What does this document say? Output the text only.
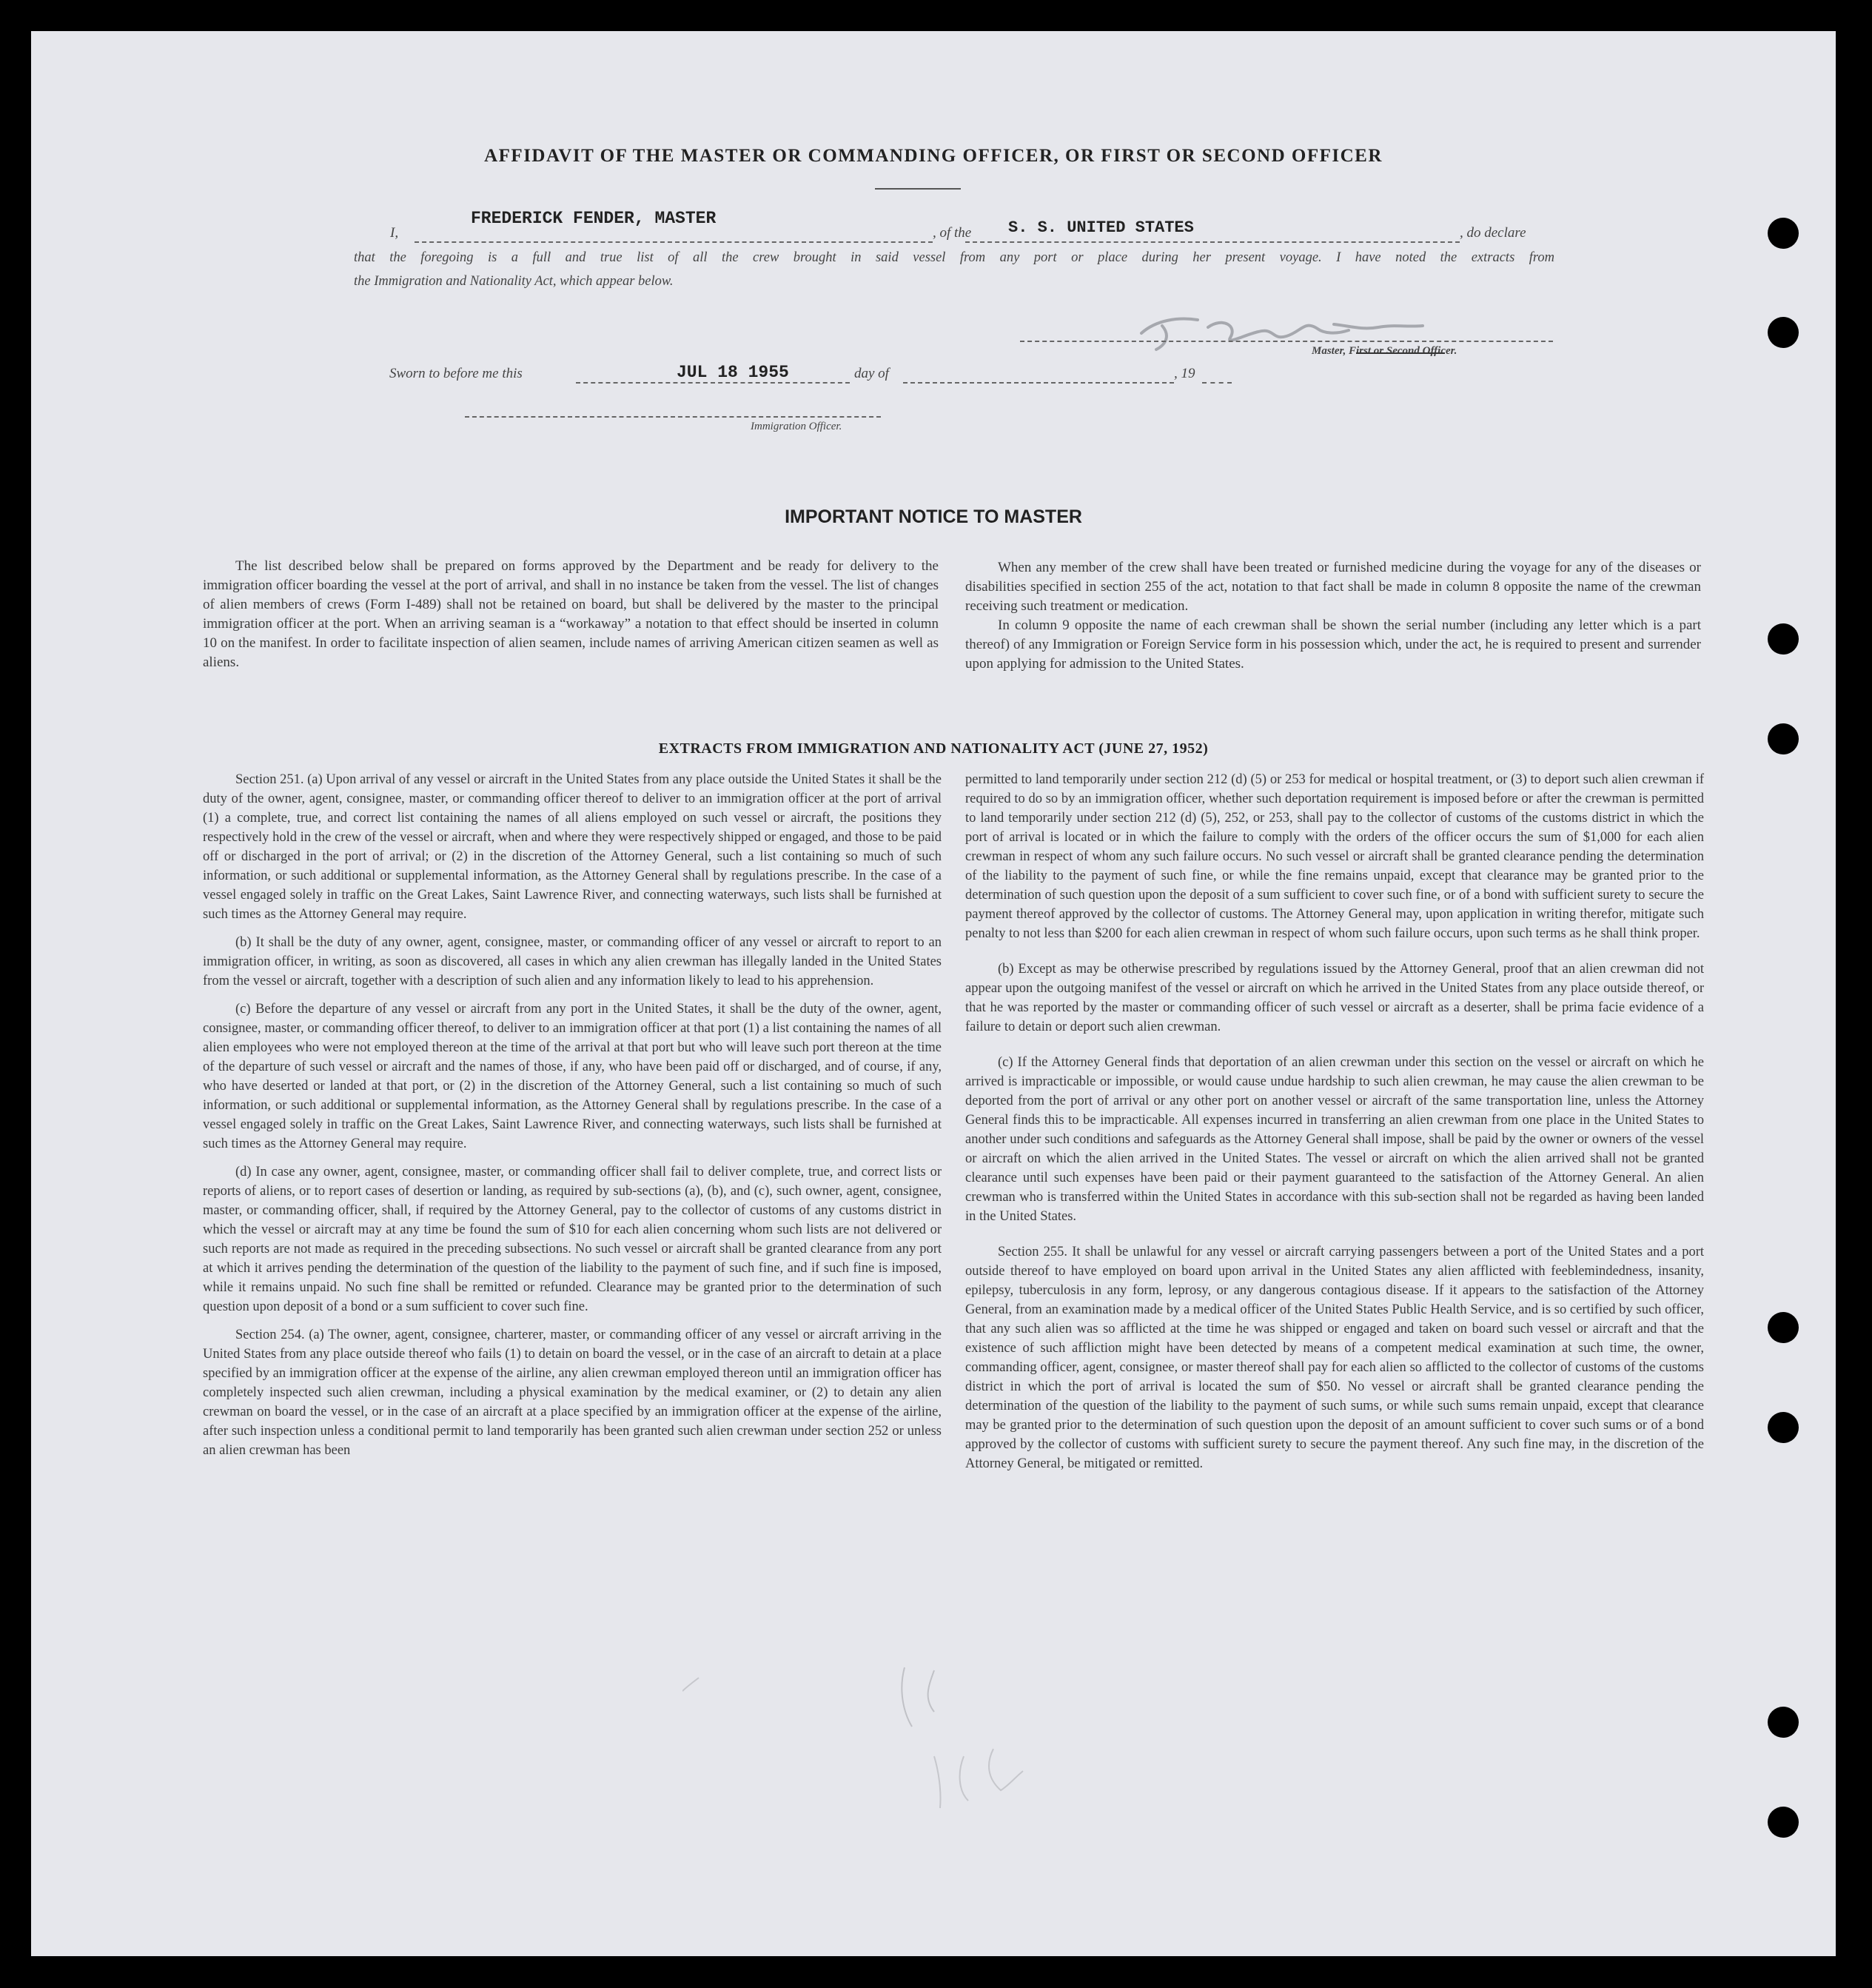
AFFIDAVIT OF THE MASTER OR COMMANDING OFFICER, OR FIRST OR SECOND OFFICER
I,
FREDERICK FENDER, MASTER
, of the S. S. UNITED STATES	, do declare
that the foregoing is a full and true list of all the crew brought in said vessel from any port or place during her present voyage. I have noted the extracts from
the Immigration and Nationality Act, which appear below.
Master, First or Second Officer.
Sworn to before me this	JUL 18 1955	day of	, 19
Immigration Officer.
IMPORTANT NOTICE TO MASTER

The list described below shall be prepared on forms approved by the Department and be ready for delivery to the immigration officer boarding the vessel at the port of arrival, and shall in no instance be taken from the vessel. The list of changes of alien members of crews (Form I-489) shall not be retained on board, but shall be delivered by the master to the principal immigration officer at the port. When an arriving seaman is a “workaway” a notation to that effect should be inserted in column 10 on the manifest. In order to facilitate inspection of alien seamen, include names of arriving American citizen seamen as well as aliens.

When any member of the crew shall have been treated or furnished medicine during the voyage for any of the diseases or disabilities specified in section 255 of the act, notation to that fact shall be made in column 8 opposite the name of the crewman receiving such treatment or medication.

In column 9 opposite the name of each crewman shall be shown the serial number (including any letter which is a part thereof) of any Immigration or Foreign Service form in his possession which, under the act, he is required to present and surrender upon applying for admission to the United States.

EXTRACTS FROM IMMIGRATION AND NATIONALITY ACT (JUNE 27, 1952)

Section 251. (a) Upon arrival of any vessel or aircraft in the United States from any place outside the United States it shall be the duty of the owner, agent, consignee, master, or commanding officer thereof to deliver to an immigration officer at the port of arrival (1) a complete, true, and correct list containing the names of all aliens employed on such vessel or aircraft, the positions they respectively hold in the crew of the vessel or aircraft, when and where they were respectively shipped or engaged, and those to be paid off or discharged in the port of arrival; or (2) in the discretion of the Attorney General, such a list containing so much of such information, or such additional or supplemental information, as the Attorney General shall by regulations prescribe. In the case of a vessel engaged solely in traffic on the Great Lakes, Saint Lawrence River, and connecting waterways, such lists shall be furnished at such times as the Attorney General may require.

(b) It shall be the duty of any owner, agent, consignee, master, or commanding officer of any vessel or aircraft to report to an immigration officer, in writing, as soon as discovered, all cases in which any alien crewman has illegally landed in the United States from the vessel or aircraft, together with a description of such alien and any information likely to lead to his apprehension.

(c) Before the departure of any vessel or aircraft from any port in the United States, it shall be the duty of the owner, agent, consignee, master, or commanding officer thereof, to deliver to an immigration officer at that port (1) a list containing the names of all alien employees who were not employed thereon at the time of the arrival at that port but who will leave such port thereon at the time of the departure of such vessel or aircraft and the names of those, if any, who have been paid off or discharged, and of course, if any, who have deserted or landed at that port, or (2) in the discretion of the Attorney General, such a list containing so much of such information, or such additional or supplemental information, as the Attorney General shall by regulations prescribe. In the case of a vessel engaged solely in traffic on the Great Lakes, Saint Lawrence River, and connecting waterways, such lists shall be furnished at such times as the Attorney General may require.

(d) In case any owner, agent, consignee, master, or commanding officer shall fail to deliver complete, true, and correct lists or reports of aliens, or to report cases of desertion or landing, as required by sub-sections (a), (b), and (c), such owner, agent, consignee, master, or commanding officer, shall, if required by the Attorney General, pay to the collector of customs of any customs district in which the vessel or aircraft may at any time be found the sum of $10 for each alien concerning whom such lists are not delivered or such reports are not made as required in the preceding subsections. No such vessel or aircraft shall be granted clearance from any port at which it arrives pending the determination of the question of the liability to the payment of such fine, and if such fine is imposed, while it remains unpaid. No such fine shall be remitted or refunded. Clearance may be granted prior to the determination of such question upon deposit of a bond or a sum sufficient to cover such fine.

Section 254. (a) The owner, agent, consignee, charterer, master, or commanding officer of any vessel or aircraft arriving in the United States from any place outside thereof who fails (1) to detain on board the vessel, or in the case of an aircraft to detain at a place specified by an immigration officer at the expense of the airline, any alien crewman employed thereon until an immigration officer has completely inspected such alien crewman, including a physical examination by the medical examiner, or (2) to detain any alien crewman on board the vessel, or in the case of an aircraft at a place specified by an immigration officer at the expense of the airline, after such inspection unless a conditional permit to land temporarily has been granted such alien crewman under section 252 or unless an alien crewman has been

permitted to land temporarily under section 212 (d) (5) or 253 for medical or hospital treatment, or (3) to deport such alien crewman if required to do so by an immigration officer, whether such deportation requirement is imposed before or after the crewman is permitted to land temporarily under section 212 (d) (5), 252, or 253, shall pay to the collector of customs of the customs district in which the port of arrival is located or in which the failure to comply with the orders of the officer occurs the sum of $1,000 for each alien crewman in respect of whom any such failure occurs. No such vessel or aircraft shall be granted clearance pending the determination of the liability to the payment of such fine, or while the fine remains unpaid, except that clearance may be granted prior to the determination of such question upon the deposit of a sum sufficient to cover such fine, or of a bond with sufficient surety to secure the payment thereof approved by the collector of customs. The Attorney General may, upon application in writing therefor, mitigate such penalty to not less than $200 for each alien crewman in respect of whom such failure occurs, upon such terms as he shall think proper.

(b) Except as may be otherwise prescribed by regulations issued by the Attorney General, proof that an alien crewman did not appear upon the outgoing manifest of the vessel or aircraft on which he arrived in the United States from any place outside thereof, or that he was reported by the master or commanding officer of such vessel or aircraft as a deserter, shall be prima facie evidence of a failure to detain or deport such alien crewman.

(c) If the Attorney General finds that deportation of an alien crewman under this section on the vessel or aircraft on which he arrived is impracticable or impossible, or would cause undue hardship to such alien crewman, he may cause the alien crewman to be deported from the port of arrival or any other port on another vessel or aircraft of the same transportation line, unless the Attorney General finds this to be impracticable. All expenses incurred in transferring an alien crewman from one place in the United States to another under such conditions and safeguards as the Attorney General shall impose, shall be paid by the owner or owners of the vessel or aircraft on which the alien arrived in the United States. The vessel or aircraft on which the alien arrived shall not be granted clearance until such expenses have been paid or their payment guaranteed to the satisfaction of the Attorney General. An alien crewman who is transferred within the United States in accordance with this sub-section shall not be regarded as having been landed in the United States.

Section 255. It shall be unlawful for any vessel or aircraft carrying passengers between a port of the United States and a port outside thereof to have employed on board upon arrival in the United States any alien afflicted with feeblemindedness, insanity, epilepsy, tuberculosis in any form, leprosy, or any dangerous contagious disease. If it appears to the satisfaction of the Attorney General, from an examination made by a medical officer of the United States Public Health Service, and is so certified by such officer, that any such alien was so afflicted at the time he was shipped or engaged and taken on board such vessel or aircraft and that the existence of such affliction might have been detected by means of a competent medical examination at such time, the owner, commanding officer, agent, consignee, or master thereof shall pay for each alien so afflicted to the collector of customs of the customs district in which the port of arrival is located the sum of $50. No vessel or aircraft shall be granted clearance pending the determination of the question of the liability to the payment of such sums, or while such sums remain unpaid, except that clearance may be granted prior to the determination of such question upon the deposit of an amount sufficient to cover such sums or of a bond approved by the collector of customs with sufficient surety to secure the payment thereof. Any such fine may, in the discretion of the Attorney General, be mitigated or remitted.
